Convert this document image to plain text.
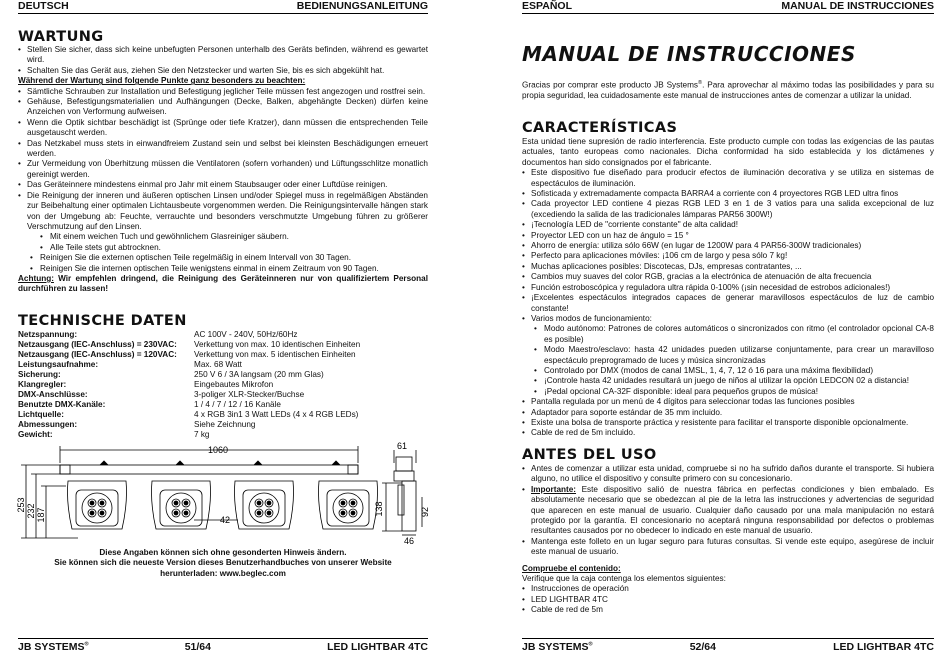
DEUTSCH	BEDIENUNGSANLEITUNG
WARTUNG
• Stellen Sie sicher, dass sich keine unbefugten Personen unterhalb des Geräts befinden, während es gewartet wird.
• Schalten Sie das Gerät aus, ziehen Sie den Netzstecker und warten Sie, bis es sich abgekühlt hat.
Während der Wartung sind folgende Punkte ganz besonders zu beachten:
• Sämtliche Schrauben zur Installation und Befestigung jeglicher Teile müssen fest angezogen und rostfrei sein.
• Gehäuse, Befestigungsmaterialien und Aufhängungen (Decke, Balken, abgehängte Decken) dürfen keine Anzeichen von Verformung aufweisen.
• Wenn die Optik sichtbar beschädigt ist (Sprünge oder tiefe Kratzer), dann müssen die entsprechenden Teile ausgetauscht werden.
• Das Netzkabel muss stets in einwandfreiem Zustand sein und selbst bei kleinsten Beschädigungen erneuert werden.
• Zur Vermeidung von Überhitzung müssen die Ventilatoren (sofern vorhanden) und Lüftungsschlitze monatlich gereinigt werden.
• Das Geräteinnere mindestens einmal pro Jahr mit einem Staubsauger oder einer Luftdüse reinigen.
• Die Reinigung der inneren und äußeren optischen Linsen und/oder Spiegel muss in regelmäßigen Abständen zur Beibehaltung einer optimalen Lichtausbeute vorgenommen werden. Die Reinigungsintervalle hängen stark von der Umgebung ab: Feuchte, verrauchte und besonders verschmutzte Umgebung führen zu größerer Verschmutzung auf den Linsen.
• Mit einem weichen Tuch und gewöhnlichem Glasreiniger säubern.
• Alle Teile stets gut abtrocknen.
• Reinigen Sie die externen optischen Teile regelmäßig in einem Intervall von 30 Tagen.
• Reinigen Sie die internen optischen Teile wenigstens einmal in einem Zeitraum von 90 Tagen.
Achtung: Wir empfehlen dringend, die Reinigung des Geräteinneren nur von qualifiziertem Personal durchführen zu lassen!
TECHNISCHE DATEN
Netzspannung:	AC 100V - 240V, 50Hz/60Hz
Netzausgang (IEC-Anschluss) = 230VAC:	Verkettung von max. 10 identischen Einheiten
Netzausgang (IEC-Anschluss) = 120VAC:	Verkettung von max. 5 identischen Einheiten
Leistungsaufnahme:	Max. 68 Watt
Sicherung:	250 V 6 / 3A langsam (20 mm Glas)
Klangregler:	Eingebautes Mikrofon
DMX-Anschlüsse:	3-poliger XLR-Stecker/Buchse
Benutzte DMX-Kanäle:	1 / 4 / 7 / 12 / 16 Kanäle
Lichtquelle:	4 x RGB 3in1 3 Watt LEDs (4 x 4 RGB LEDs)
Abmessungen:	Siehe Zeichnung
Gewicht:	7 kg
1060
253 232 187	42
61
138	92
46
Diese Angaben können sich ohne gesonderten Hinweis ändern.
Sie können sich die neueste Version dieses Benutzerhandbuches von unserer Website
herunterladen: www.beglec.com
JB SYSTEMS®	51/64	LED LIGHTBAR 4TC
ESPAÑOL	MANUAL DE INSTRUCCIONES
MANUAL DE INSTRUCCIONES
Gracias por comprar este producto JB Systems®. Para aprovechar al máximo todas las posibilidades y para su propia seguridad, lea cuidadosamente este manual de instrucciones antes de comenzar a utilizar la unidad.
CARACTERÍSTICAS
Esta unidad tiene supresión de radio interferencia. Este producto cumple con todas las exigencias de las pautas actuales, tanto europeas como nacionales. Dicha conformidad ha sido establecida y los dictámenes y documentos han sido consignados por el fabricante.
• Este dispositivo fue diseñado para producir efectos de iluminación decorativa y se utiliza en sistemas de espectáculos de iluminación.
• Sofisticada y extremadamente compacta BARRA4 a corriente con 4 proyectores RGB LED ultra finos
• Cada proyector LED contiene 4 piezas RGB LED 3 en 1 de 3 vatios para una salida excepcional de luz (excediendo la salida de las tradicionales lámparas PAR56 300W!)
• ¡Tecnología LED de "corriente constante" de alta calidad!
• Proyector LED con un haz de ángulo = 15 °
• Ahorro de energía: utiliza sólo 66W (en lugar de 1200W para 4 PAR56-300W tradicionales)
• Perfecto para aplicaciones móviles: ¡106 cm de largo y pesa sólo 7 kg!
• Muchas aplicaciones posibles: Discotecas, DJs, empresas contratantes, ...
• Cambios muy suaves del color RGB, gracias a la electrónica de atenuación de alta frecuencia
• Función estroboscópica y reguladora ultra rápida 0-100% (¡sin necesidad de estrobos adicionales!)
• ¡Excelentes espectáculos integrados capaces de generar maravillosos espectáculos de luz de cambio constante!
• Varios modos de funcionamiento:
• Modo autónomo: Patrones de colores automáticos o sincronizados con ritmo (el controlador opcional CA-8 es posible)
• Modo Maestro/esclavo: hasta 42 unidades pueden utilizarse conjuntamente, para crear un maravilloso espectáculo preprogramado de luces y música sincronizadas
• Controlado por DMX (modos de canal 1MSL, 1, 4, 7, 12 ó 16 para una máxima flexibilidad)
• ¡Controle hasta 42 unidades resultará un juego de niños al utilizar la opción LEDCON 02 a distancia!
• ¡Pedal opcional CA-32F disponible: ideal para pequeños grupos de música!
• Pantalla regulada por un menú de 4 dígitos para seleccionar todas las funciones posibles
• Adaptador para soporte estándar de 35 mm incluido.
• Existe una bolsa de transporte práctica y resistente para facilitar el transporte disponible opcionalmente.
• Cable de red de 5m incluido.
ANTES DEL USO
• Antes de comenzar a utilizar esta unidad, compruebe si no ha sufrido daños durante el transporte. Si hubiera alguno, no utilice el dispositivo y consulte primero con su concesionario.
• Importante: Este dispositivo salió de nuestra fábrica en perfectas condiciones y bien embalado. Es absolutamente necesario que se obedezcan al pie de la letra las instrucciones y advertencias de seguridad que aparecen en este manual de usuario. Cualquier daño causado por una mala manipulación no estará protegido por la garantía. El concesionario no aceptará ninguna responsabilidad por defectos o problemas resultantes causados por no obedecer lo indicado en este manual de usuario.
• Mantenga este folleto en un lugar seguro para futuras consultas. Si vende este equipo, asegúrese de incluir este manual de usuario.
Compruebe el contenido:
Verifique que la caja contenga los elementos siguientes:
• Instrucciones de operación
• LED LIGHTBAR 4TC
• Cable de red de 5m
JB SYSTEMS®	52/64	LED LIGHTBAR 4TC
